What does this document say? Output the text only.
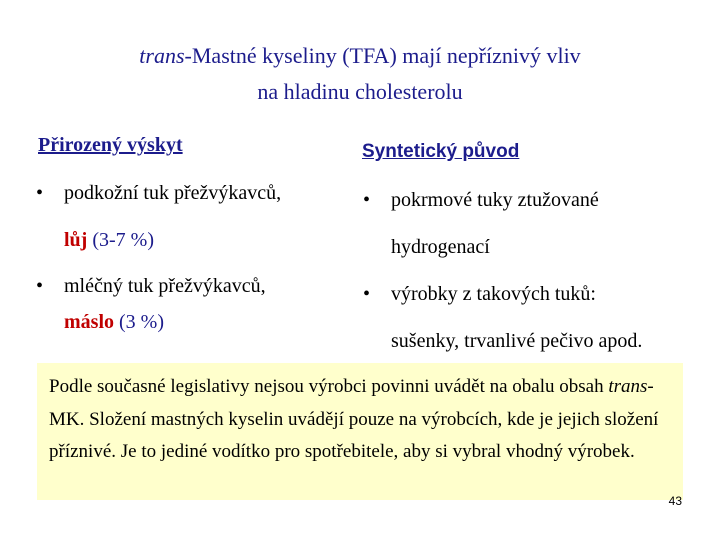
trans-Mastné kyseliny (TFA) mají nepříznivý vliv
na hladinu cholesterolu
Přirozený výskyt	Syntetický původ
• podkožní tuk přežvýkavců,
lůj (3-7 %)
• mléčný tuk přežvýkavců,
máslo (3 %)
• pokrmové tuky ztužované
hydrogenací
• výrobky z takových tuků:
sušenky, trvanlivé pečivo apod.
Podle současné legislativy nejsou výrobci povinni uvádět na obalu obsah trans-MK. Složení mastných kyselin uvádějí pouze na výrobcích, kde je jejich složení příznivé. Je to jediné vodítko pro spotřebitele, aby si vybral vhodný výrobek.
43
